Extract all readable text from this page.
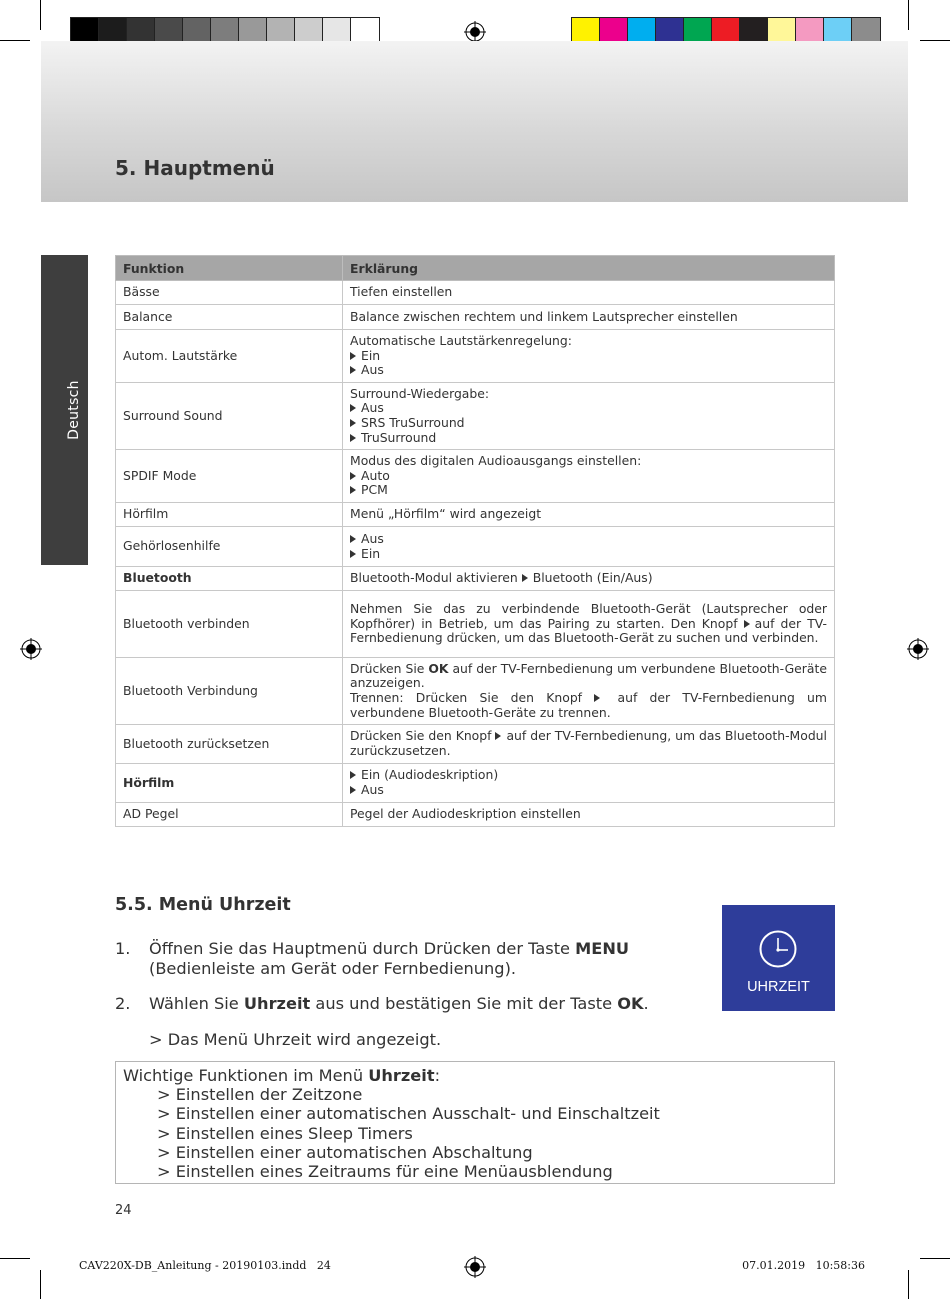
5. Hauptmenü
Deutsch
Funktion	Erklärung
Bässe	Tiefen einstellen
Balance	Balance zwischen rechtem und linkem Lautsprecher einstellen
Autom. Lautstärke	Automatische Lautstärkenregelung:
Ein
Aus

Surround Sound	Surround-Wiedergabe:
Aus
SRS TruSurround
TruSurround

SPDIF Mode	Modus des digitalen Audioausgangs einstellen:
Auto
PCM

Hörfilm	Menü „Hörfilm“ wird angezeigt
Gehörlosenhilfe	Aus
Ein

Bluetooth	Bluetooth-Modul aktivieren Bluetooth (Ein/Aus)
Bluetooth verbinden	Nehmen Sie das zu verbindende Bluetooth-Gerät (Lautsprecher oder Kopfhörer) in Betrieb, um das Pairing zu starten. Den Knopf auf der TV-Fernbedienung drücken, um das Bluetooth-Gerät zu suchen und verbinden.
Bluetooth Verbindung	Drücken Sie OK auf der TV-Fernbedienung um verbundene Bluetooth-Geräte anzuzeigen.
Trennen: Drücken Sie den Knopf auf der TV-Fernbedienung um verbundene Bluetooth-Geräte zu trennen.

Bluetooth zurücksetzen	Drücken Sie den Knopf auf der TV-Fernbedienung, um das Bluetooth-Modul zurückzusetzen.
Hörfilm	Ein (Audiodeskription)
Aus

AD Pegel	Pegel der Audiodeskription einstellen
5.5. Menü Uhrzeit
1. Öffnen Sie das Hauptmenü durch Drücken der Taste MENU
(Bedienleiste am Gerät oder Fernbedienung).
2. Wählen Sie Uhrzeit aus und bestätigen Sie mit der Taste OK.
> Das Menü Uhrzeit wird angezeigt.
UHRZEIT
Wichtige Funktionen im Menü Uhrzeit:
> Einstellen der Zeitzone
> Einstellen einer automatischen Ausschalt- und Einschaltzeit
> Einstellen eines Sleep Timers
> Einstellen einer automatischen Abschaltung
> Einstellen eines Zeitraums für eine Menüausblendung
24
CAV220X-DB_Anleitung - 20190103.indd   24	07.01.2019   10:58:36
